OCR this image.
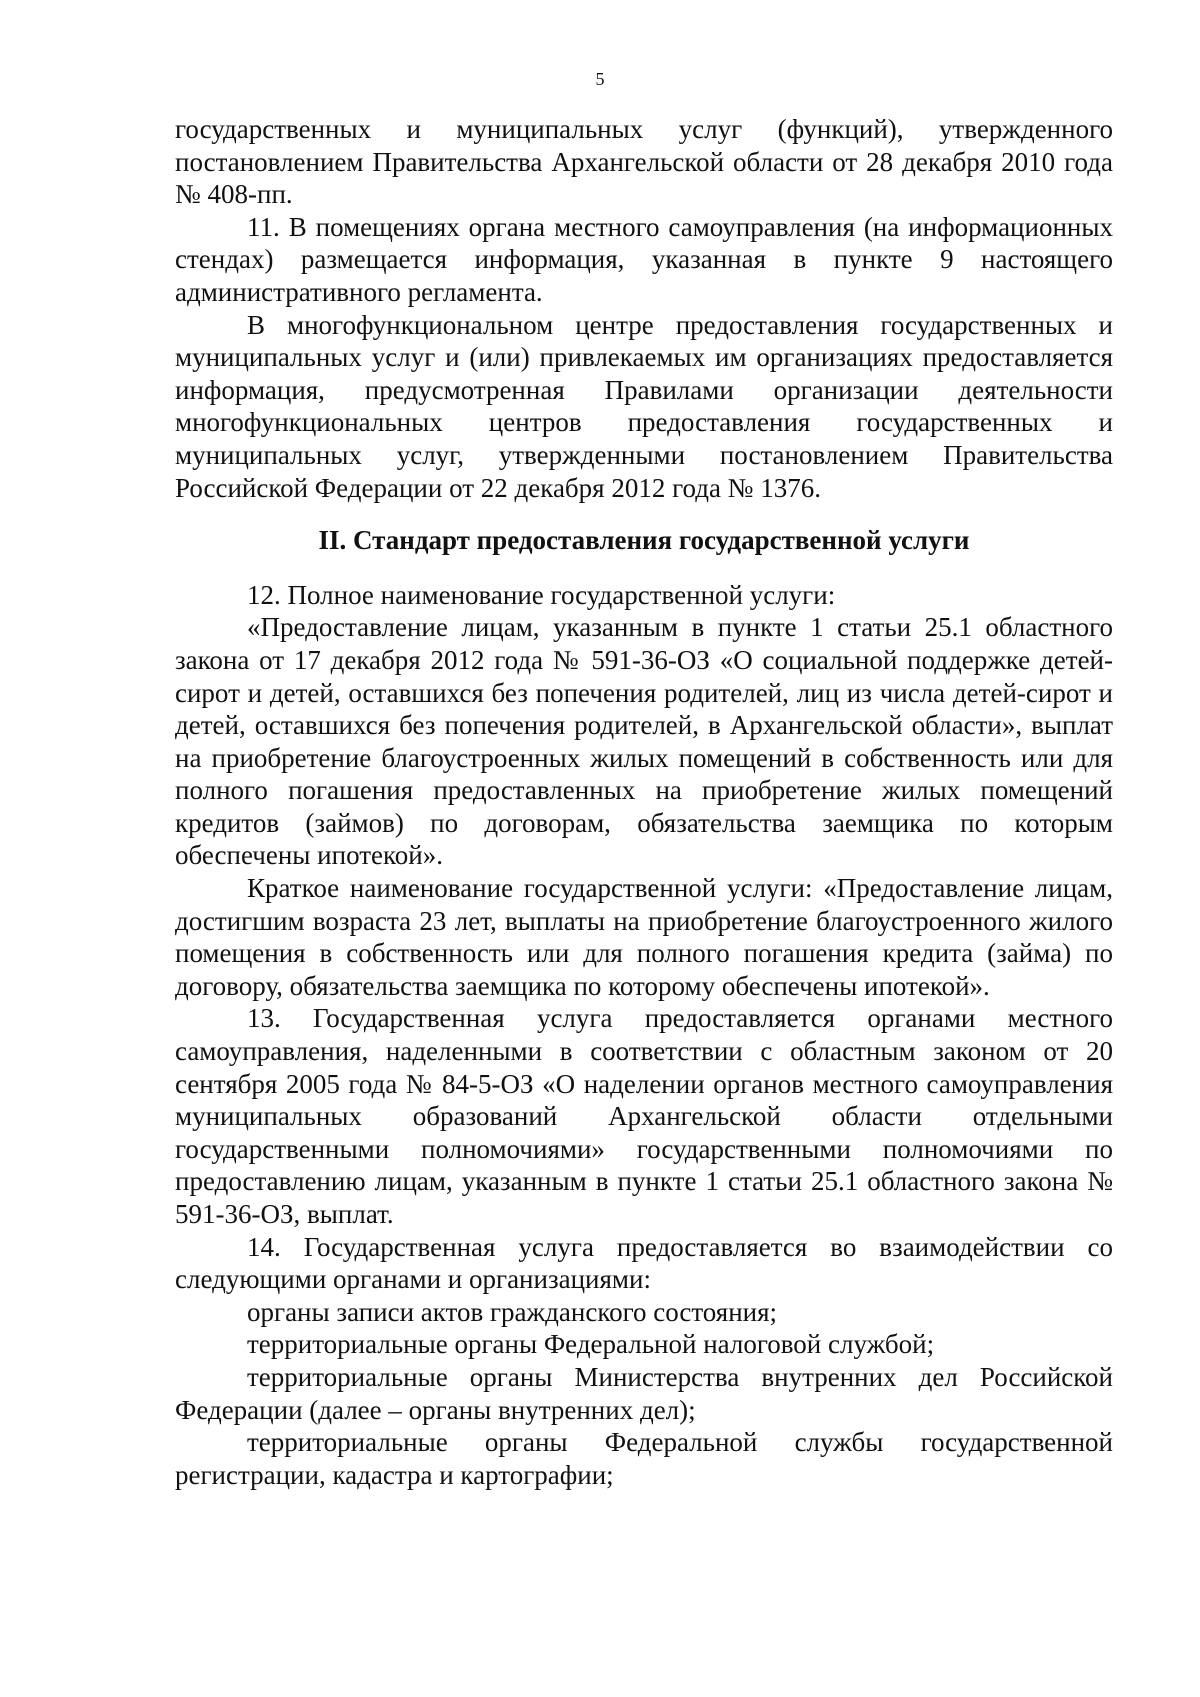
5

государственных и муниципальных услуг (функций), утвержденного постановлением Правительства Архангельской области от 28 декабря 2010 года № 408-пп.

11. В помещениях органа местного самоуправления (на информационных стендах) размещается информация, указанная в пункте 9 настоящего административного регламента.

В многофункциональном центре предоставления государственных и муниципальных услуг и (или) привлекаемых им организациях предоставляется информация, предусмотренная Правилами организации деятельности многофункциональных центров предоставления государственных и муниципальных услуг, утвержденными постановлением Правительства Российской Федерации от 22 декабря 2012 года № 1376.

II. Стандарт предоставления государственной услуги

12. Полное наименование государственной услуги:

«Предоставление лицам, указанным в пункте 1 статьи 25.1 областного закона от 17 декабря 2012 года № 591-36-ОЗ «О социальной поддержке детей-сирот и детей, оставшихся без попечения родителей, лиц из числа детей-сирот и детей, оставшихся без попечения родителей, в Архангельской области», выплат на приобретение благоустроенных жилых помещений в собственность или для полного погашения предоставленных на приобретение жилых помещений кредитов (займов) по договорам, обязательства заемщика по которым обеспечены ипотекой».

Краткое наименование государственной услуги: «Предоставление лицам, достигшим возраста 23 лет, выплаты на приобретение благоустроенного жилого помещения в собственность или для полного погашения кредита (займа) по договору, обязательства заемщика по которому обеспечены ипотекой».

13. Государственная услуга предоставляется органами местного самоуправления, наделенными в соответствии с областным законом от 20 сентября 2005 года № 84-5-ОЗ «О наделении органов местного самоуправления муниципальных образований Архангельской области отдельными государственными полномочиями» государственными полномочиями по предоставлению лицам, указанным в пункте 1 статьи 25.1 областного закона № 591-36-ОЗ, выплат.

14. Государственная услуга предоставляется во взаимодействии со следующими органами и организациями:

органы записи актов гражданского состояния;

территориальные органы Федеральной налоговой службой;

территориальные органы Министерства внутренних дел Российской Федерации (далее – органы внутренних дел);

территориальные органы Федеральной службы государственной регистрации, кадастра и картографии;
